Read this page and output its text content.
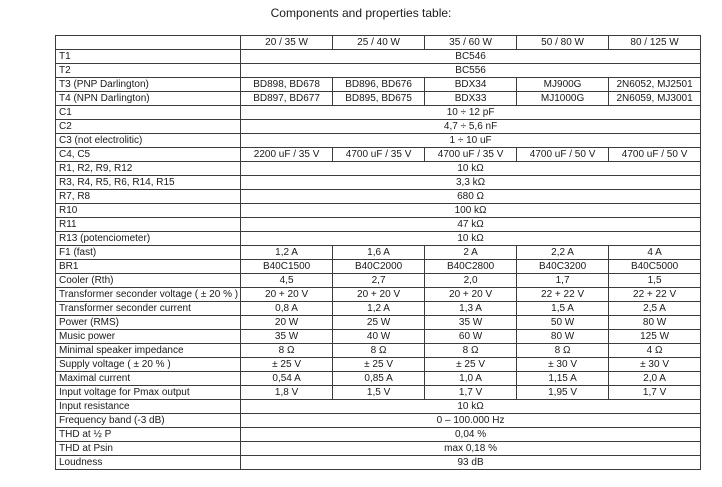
Components and properties table:
	20 / 35 W	25 / 40 W	35 / 60 W	50 / 80 W	80 / 125 W
T1	BC546				
T2	BC556				
T3 (PNP Darlington)	BD898, BD678	BD896, BD676	BDX34	MJ900G	2N6052, MJ2501
T4 (NPN Darlington)	BD897, BD677	BD895, BD675	BDX33	MJ1000G	2N6059, MJ3001
C1	10 ÷ 12 pF				
C2	4,7 ÷ 5,6 nF				
C3 (not electrolitic)	1 ÷ 10 uF				
C4, C5	2200 uF / 35 V	4700 uF / 35 V	4700 uF / 35 V	4700 uF / 50 V	4700 uF / 50 V
R1, R2, R9, R12	10 kΩ				
R3, R4, R5, R6, R14, R15	3,3 kΩ				
R7, R8	680 Ω				
R10	100 kΩ				
R11	47 kΩ				
R13 (potenciometer)	10 kΩ				
F1 (fast)	1,2 A	1,6 A	2 A	2,2 A	4 A
BR1	B40C1500	B40C2000	B40C2800	B40C3200	B40C5000
Cooler (Rth)	4,5	2,7	2,0	1,7	1,5
Transformer seconder voltage ( ± 20 % )	20 + 20 V	20 + 20 V	20 + 20 V	22 + 22 V	22 + 22 V
Transformer seconder current	0,8 A	1,2 A	1,3 A	1,5 A	2,5 A
Power (RMS)	20 W	25 W	35 W	50 W	80 W
Music power	35 W	40 W	60 W	80 W	125 W
Minimal speaker impedance	8 Ω	8 Ω	8 Ω	8 Ω	4 Ω
Supply voltage ( ± 20 % )	± 25 V	± 25 V	± 25 V	± 30 V	± 30 V
Maximal current	0,54 A	0,85 A	1,0 A	1,15 A	2,0 A
Input voltage for Pmax output	1,8 V	1,5 V	1,7 V	1,95 V	1,7 V
Input resistance	10 kΩ				
Frequency band (-3 dB)	0 – 100.000 Hz				
THD at ½ P	0,04 %				
THD at Psin	max 0,18 %				
Loudness	93 dB				
